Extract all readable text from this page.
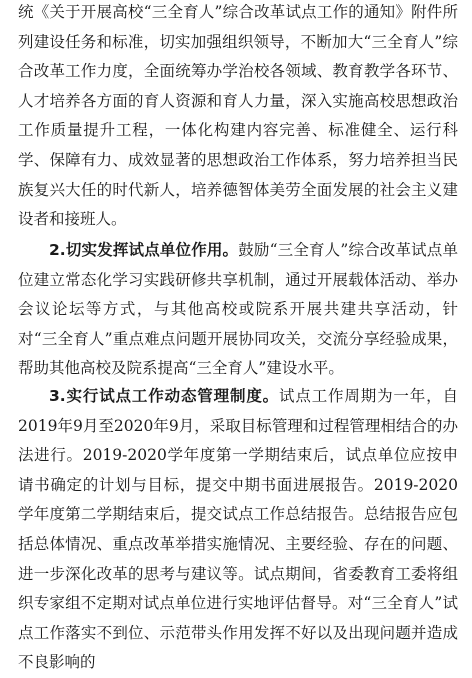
统《关于开展高校“三全育人”综合改革试点工作的通知》附件所列建设任务和标准，切实加强组织领导，不断加大“三全育人”综合改革工作力度，全面统筹办学治校各领域、教育教学各环节、人才培养各方面的育人资源和育人力量，深入实施高校思想政治工作质量提升工程，一体化构建内容完善、标准健全、运行科学、保障有力、成效显著的思想政治工作体系，努力培养担当民族复兴大任的时代新人，培养德智体美劳全面发展的社会主义建设者和接班人。

2.切实发挥试点单位作用。鼓励“三全育人”综合改革试点单位建立常态化学习实践研修共享机制，通过开展载体活动、举办会议论坛等方式，与其他高校或院系开展共建共享活动，针对“三全育人”重点难点问题开展协同攻关，交流分享经验成果，帮助其他高校及院系提高“三全育人”建设水平。

3.实行试点工作动态管理制度。试点工作周期为一年，自2019年9月至2020年9月，采取目标管理和过程管理相结合的办法进行。2019-2020学年度第一学期结束后，试点单位应按申请书确定的计划与目标，提交中期书面进展报告。2019-2020学年度第二学期结束后，提交试点工作总结报告。总结报告应包括总体情况、重点改革举措实施情况、主要经验、存在的问题、进一步深化改革的思考与建议等。试点期间，省委教育工委将组织专家组不定期对试点单位进行实地评估督导。对“三全育人”试点工作落实不到位、示范带头作用发挥不好以及出现问题并造成不良影响的
